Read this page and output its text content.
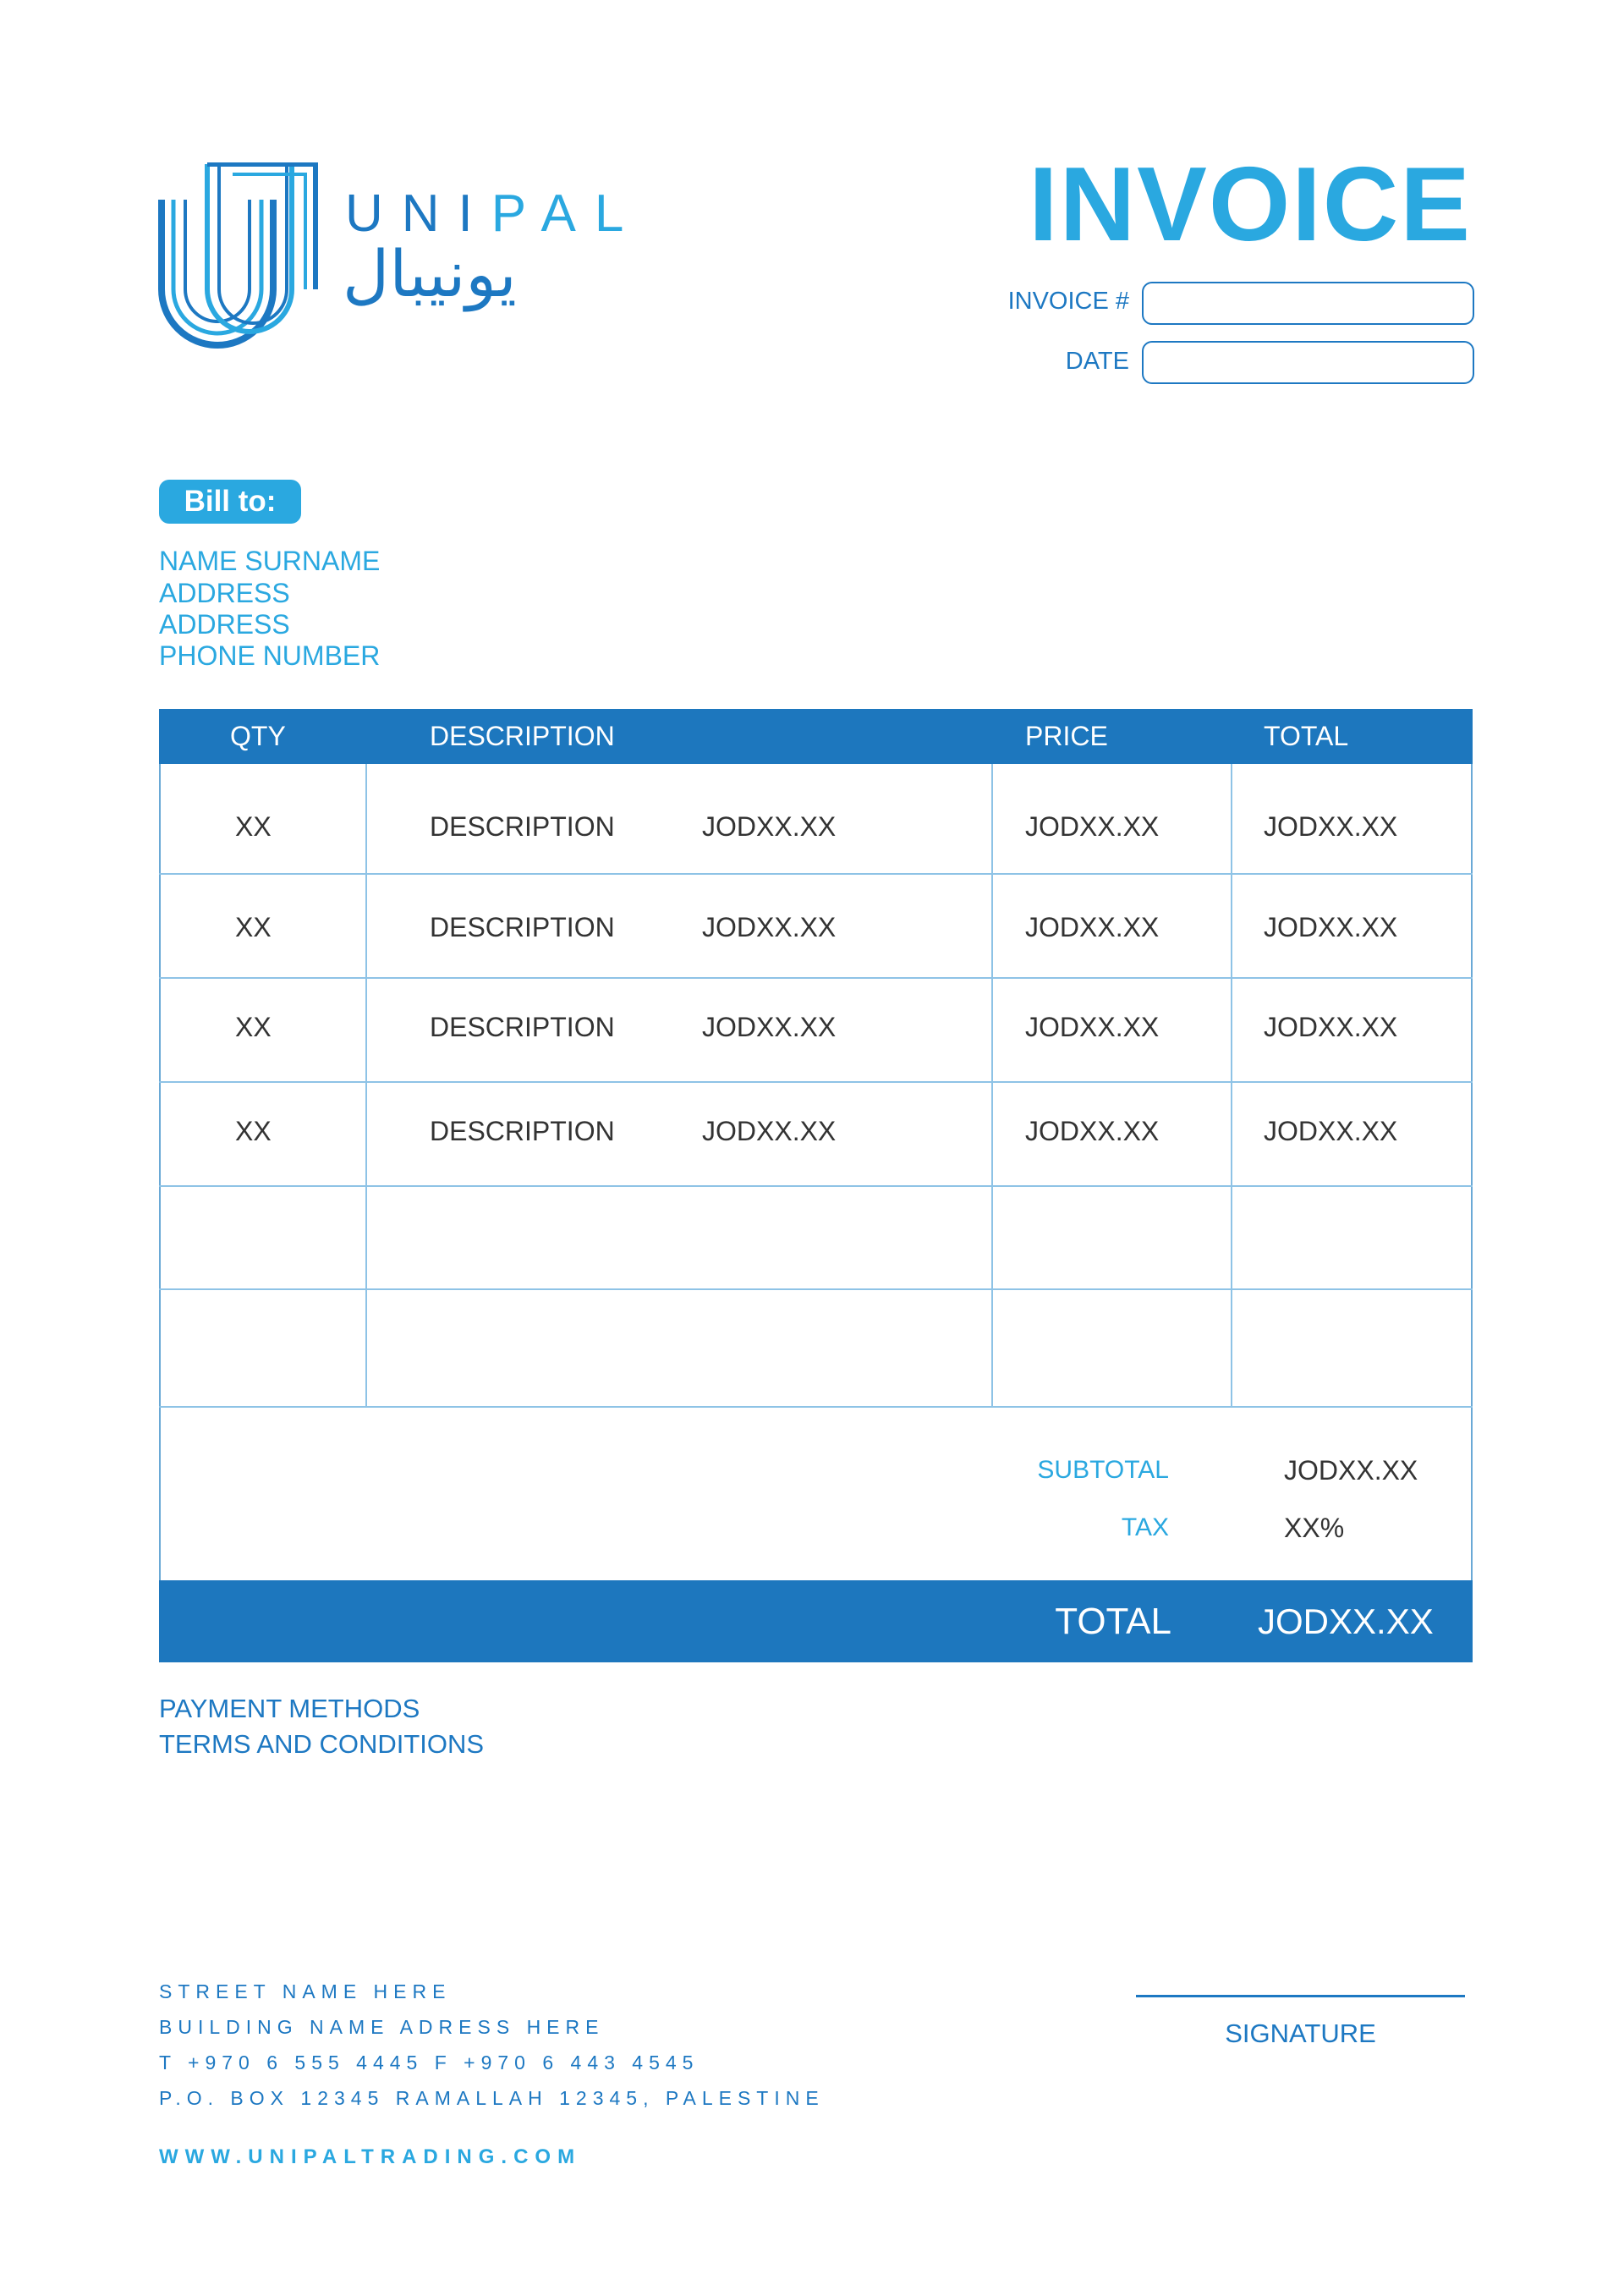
UNIPAL
يونيبال
INVOICE
INVOICE #
DATE
Bill to:
NAME SURNAME
ADDRESS
ADDRESS
PHONE NUMBER
QTY	DESCRIPTION	PRICE	TOTAL
XX	DESCRIPTION	JODXX.XX	JODXX.XX	JODXX.XX
XX	DESCRIPTION	JODXX.XX	JODXX.XX	JODXX.XX
XX	DESCRIPTION	JODXX.XX	JODXX.XX	JODXX.XX
XX	DESCRIPTION	JODXX.XX	JODXX.XX	JODXX.XX
SUBTOTAL	JODXX.XX
TAX	XX%
TOTAL JODXX.XX
PAYMENT METHODS
TERMS AND CONDITIONS
STREET NAME HERE
BUILDING NAME ADRESS HERE
T +970 6 555 4445 F +970 6 443 4545
P.O. BOX 12345 RAMALLAH 12345, PALESTINE
WWW.UNIPALTRADING.COM
SIGNATURE
